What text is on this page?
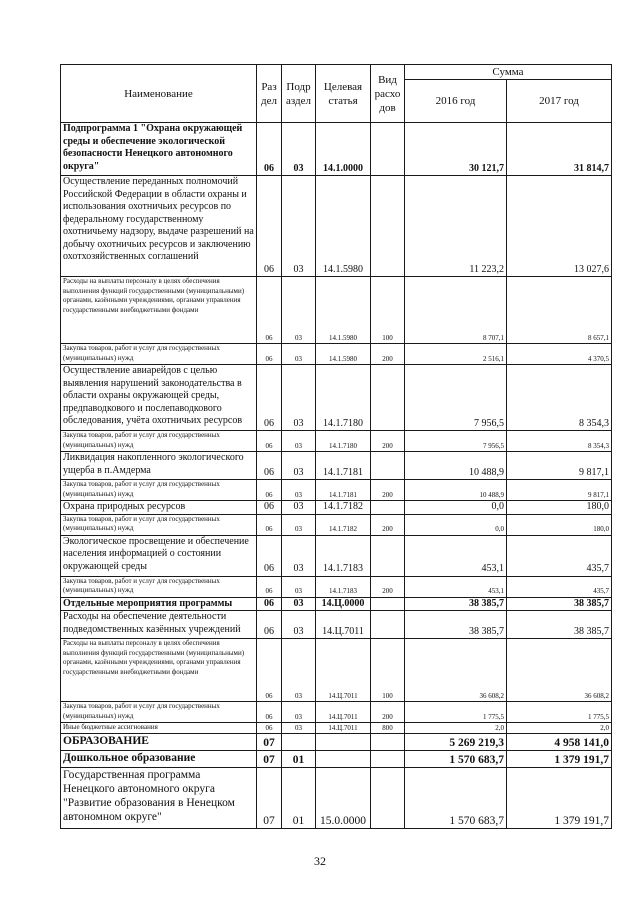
Наименование	Раз дел	Подр аздел	Целевая статья	Вид расхо дов	Сумма	
					2016 год	2017 год
Подпрограмма 1 "Охрана окружающей среды и обеспечение экологической безопасности Ненецкого автономного округа"	06	03	14.1.0000		30 121,7	31 814,7
Осуществление переданных полномочий Российской Федерации в области охраны и использования охотничьих ресурсов по федеральному государственному охотничьему надзору, выдаче разрешений на добычу охотничьих ресурсов и заключению охотхозяйственных соглашений	06	03	14.1.5980		11 223,2	13 027,6
Расходы на выплаты персоналу в целях обеспечения выполнения функций государственными (муниципальными) органами, казёнными учреждениями, органами управления государственными внебюджетными фондами	06	03	14.1.5980	100	8 707,1	8 657,1
Закупка товаров, работ и услуг для государственных (муниципальных) нужд	06	03	14.1.5980	200	2 516,1	4 370,5
Осуществление авиарейдов с целью выявления нарушений законодательства в области охраны окружающей среды, предпаводкового и послепаводкового обследования, учёта охотничьих ресурсов	06	03	14.1.7180		7 956,5	8 354,3
Закупка товаров, работ и услуг для государственных (муниципальных) нужд	06	03	14.1.7180	200	7 956,5	8 354,3
Ликвидация накопленного экологического ущерба в п.Амдерма	06	03	14.1.7181		10 488,9	9 817,1
Закупка товаров, работ и услуг для государственных (муниципальных) нужд	06	03	14.1.7181	200	10 488,9	9 817,1
Охрана природных ресурсов	06	03	14.1.7182		0,0	180,0
Закупка товаров, работ и услуг для государственных (муниципальных) нужд	06	03	14.1.7182	200	0,0	180,0
Экологическое просвещение и обеспечение населения информацией о состоянии окружающей среды	06	03	14.1.7183		453,1	435,7
Закупка товаров, работ и услуг для государственных (муниципальных) нужд	06	03	14.1.7183	200	453,1	435,7
Отдельные мероприятия программы	06	03	14.Ц.0000		38 385,7	38 385,7
Расходы на обеспечение деятельности подведомственных казённых учреждений	06	03	14.Ц.7011		38 385,7	38 385,7
Расходы на выплаты персоналу в целях обеспечения выполнения функций государственными (муниципальными) органами, казёнными учреждениями, органами управления государственными внебюджетными фондами	06	03	14.Ц.7011	100	36 608,2	36 608,2
Закупка товаров, работ и услуг для государственных (муниципальных) нужд	06	03	14.Ц.7011	200	1 775,5	1 775,5
Иные бюджетные ассигнования	06	03	14.Ц.7011	800	2,0	2,0
ОБРАЗОВАНИЕ	07				5 269 219,3	4 958 141,0
Дошкольное образование	07	01			1 570 683,7	1 379 191,7
Государственная программа Ненецкого автономного округа "Развитие образования в Ненецком автономном округе"	07	01	15.0.0000		1 570 683,7	1 379 191,7
32
